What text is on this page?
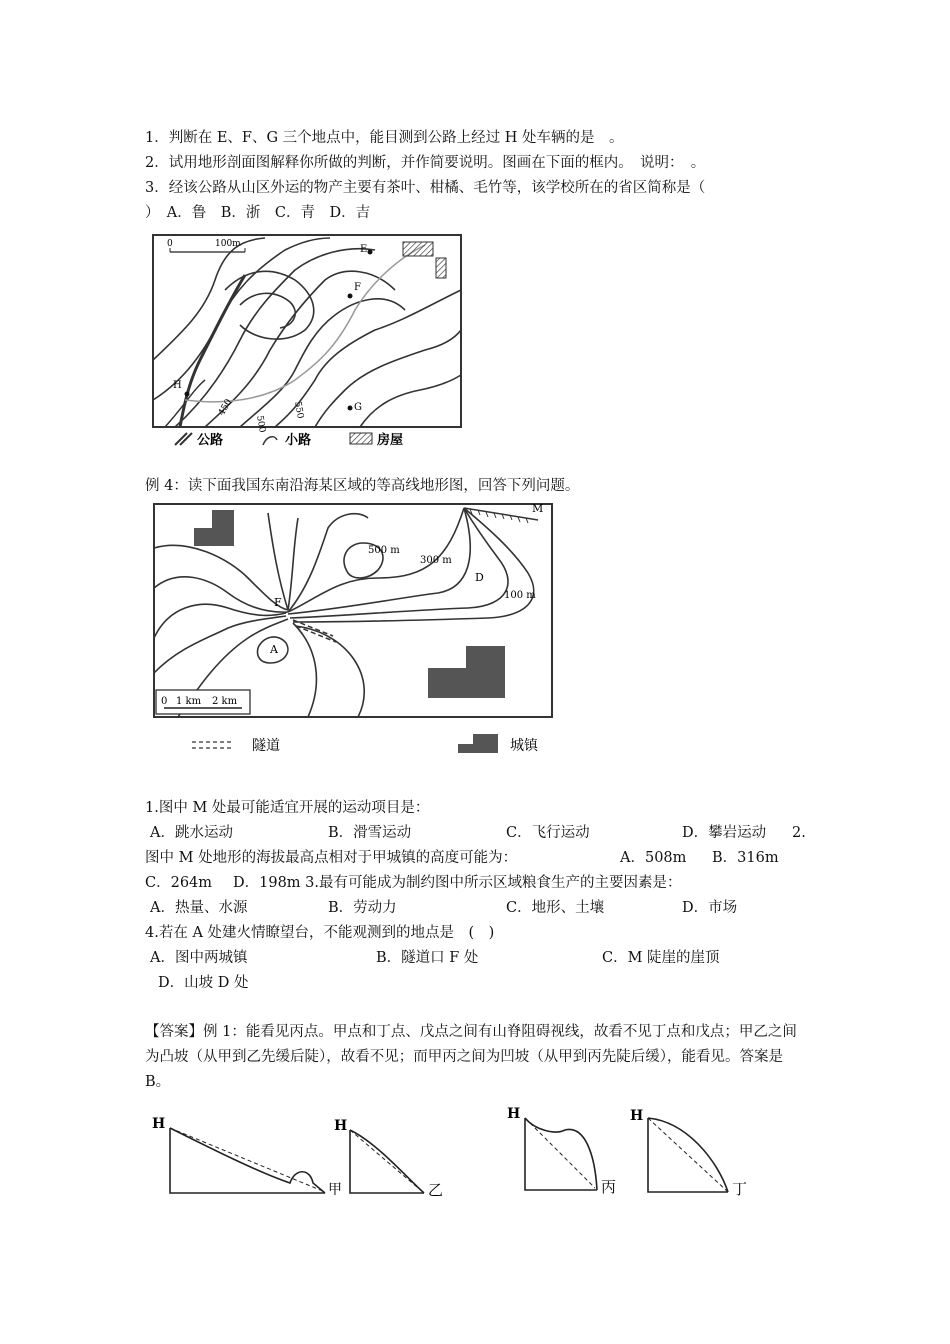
1．判断在 E、F、G 三个地点中，能目测到公路上经过 H 处车辆的是　。
2．试用地形剖面图解释你所做的判断，并作简要说明。图画在下面的框内。　说明：　。
3．经该公路从山区外运的物产主要有茶叶、柑橘、毛竹等，该学校所在的省区简称是（
）　A．鲁　B．浙　C．青　D．吉
0	100m	E
F
G
H
450
500
550
公路	小路	房屋
例 4：读下面我国东南沿海某区域的等高线地形图，回答下列问题。
F
A
D
M
500 m
300 m
100 m
0 1 km 2 km
隧道	城镇
1.图中 M 处最可能适宜开展的运动项目是：
A．跳水运动	B．滑雪运动	C．飞行运动	D．攀岩运动 2.
图中 M 处地形的海拔最高点相对于甲城镇的高度可能为：	A．508m B．316m
C．264m D．198m 3.最有可能成为制约图中所示区域粮食生产的主要因素是：
A．热量、水源	B．劳动力	C．地形、土壤	D．市场
4.若在 A 处建火情瞭望台，不能观测到的地点是　(　)
A．图中两城镇	B．隧道口 F 处	C．M 陡崖的崖顶
D．山坡 D 处
【答案】例 1：能看见丙点。甲点和丁点、戊点之间有山脊阻碍视线，故看不见丁点和戊点；甲乙之间为凸坡（从甲到乙先缓后陡），故看不见；而甲丙之间为凹坡（从甲到丙先陡后缓），能看见。答案是 B。
H
甲
H
乙
H
丙
H
丁
